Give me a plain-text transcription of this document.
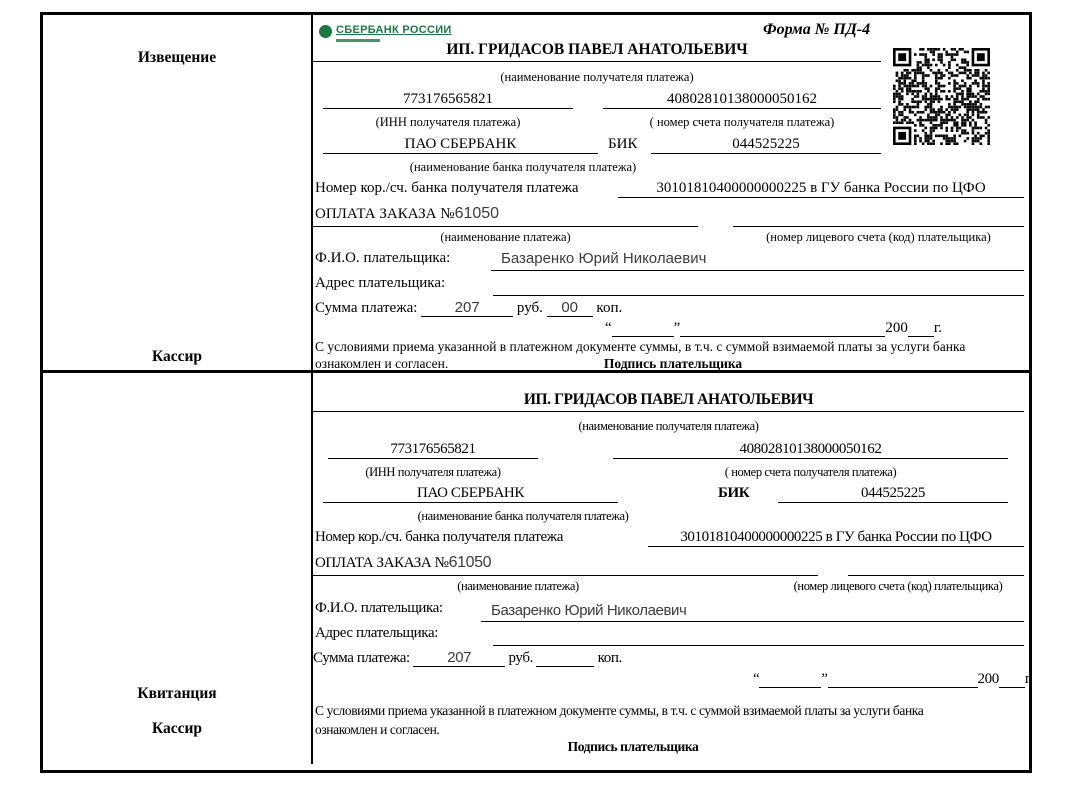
Извещение
Кассир
СБЕРБАНК РОССИИ	Форма № ПД-4
ИП. ГРИДАСОВ ПАВЕЛ АНАТОЛЬЕВИЧ
(наименование получателя платежа)
773176565821	40802810138000050162
(ИНН получателя платежа)	( номер счета получателя платежа)
ПАО СБЕРБАНК	БИК	044525225
(наименование банка получателя платежа)
Номер кор./сч. банка получателя платежа	30101810400000000225 в ГУ банка России по ЦФО
ОПЛАТА ЗАКАЗА №61050
(наименование платежа)	(номер лицевого счета (код) плательщика)
Ф.И.О. плательщика:	Базаренко Юрий Николаевич
Адрес плательщика:
Сумма платежа: 207 руб. 00 коп.
“	”	200 г.
С условиями приема указанной в платежном документе суммы, в т.ч. с суммой взимаемой платы за услуги банка
ознакомлен и согласен.	Подпись плательщика
Квитанция
Кассир
ИП. ГРИДАСОВ ПАВЕЛ АНАТОЛЬЕВИЧ
(наименование получателя платежа)
773176565821	40802810138000050162
(ИНН получателя платежа)	( номер счета получателя платежа)
ПАО СБЕРБАНК	БИК	044525225
(наименование банка получателя платежа)
Номер кор./сч. банка получателя платежа	30101810400000000225 в ГУ банка России по ЦФО
ОПЛАТА ЗАКАЗА №61050
(наименование платежа)	(номер лицевого счета (код) плательщика)
Ф.И.О. плательщика:	Базаренко Юрий Николаевич
Адрес плательщика:
Сумма платежа: 207 руб.	коп.
“	”	200 г.
С условиями приема указанной в платежном документе суммы, в т.ч. с суммой взимаемой платы за услуги банка
ознакомлен и согласен.
Подпись плательщика
